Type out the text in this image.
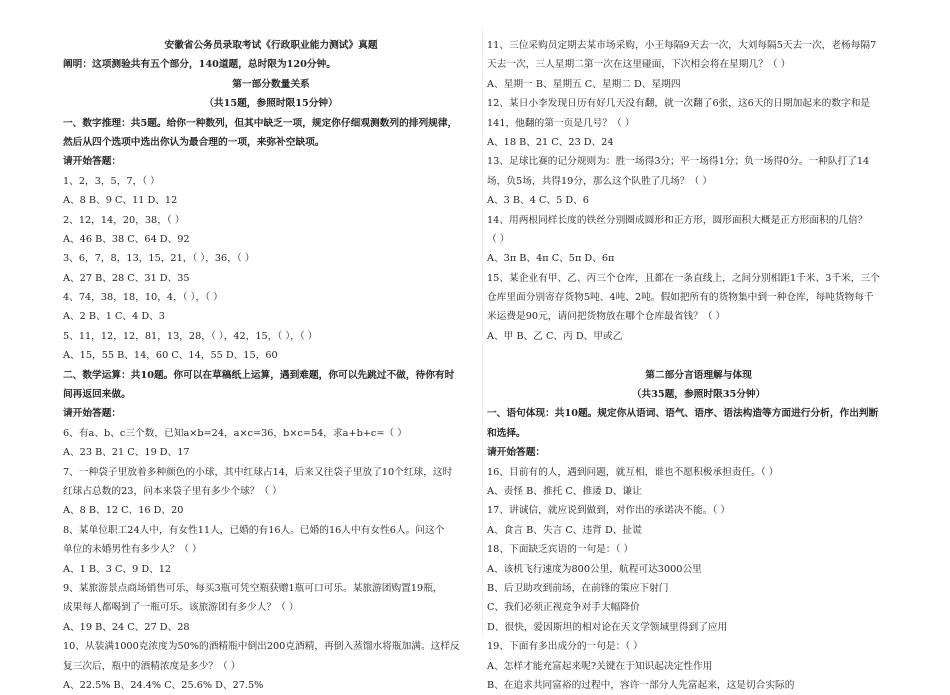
安徽省公务员录取考试《行政职业能力测试》真题
阐明：这项测验共有五个部分，140道题，总时限为120分钟。
第一部分数量关系
（共15题，参照时限15分钟）
一、数字推理：共5题。给你一种数列，但其中缺乏一项，规定你仔细观测数列的排列规律，
然后从四个选项中选出你认为最合理的一项，来弥补空缺项。
请开始答题：
1、2，3，5，7，（ ）
A、8 B、9 C、11 D、12
2、12，14，20，38，（ ）
A、46 B、38 C、64 D、92
3、6，7，8，13，15，21，（ ），36，（ ）
A、27 B、28 C、31 D、35
4、74，38，18，10，4，（ ），（ ）
A、2 B、1 C、4 D、3
5、11，12，12，81，13，28，（ ），42，15，（ ），（ ）
A、15，55 B、14，60 C、14，55 D、15，60
二、数学运算：共10题。你可以在草稿纸上运算，遇到难题，你可以先跳过不做，待你有时
间再返回来做。
请开始答题：
6、有a、b、c三个数，已知a×b=24，a×c=36，b×c=54，求a+b+c=（ ）
A、23 B、21 C、19 D、17
7、一种袋子里放着多种颜色的小球，其中红球占14，后来又往袋子里放了10个红球，这时
红球占总数的23，问本来袋子里有多少个球？（ ）
A、8 B、12 C、16 D、20
8、某单位职工24人中，有女性11人，已婚的有16人。已婚的16人中有女性6人。问这个
单位的未婚男性有多少人？（ ）
A、1 B、3 C、9 D、12
9、某旅游景点商场销售可乐，每买3瓶可凭空瓶获赠1瓶可口可乐。某旅游团购置19瓶，
成果每人都喝到了一瓶可乐。该旅游团有多少人？（ ）
A、19 B、24 C、27 D、28
10、从装满1000克浓度为50%的酒精瓶中倒出200克酒精，再倒入蒸馏水将瓶加满。这样反
复三次后，瓶中的酒精浓度是多少？（ ）
A、22.5% B、24.4% C、25.6% D、27.5%
11、三位采购员定期去某市场采购，小王每隔9天去一次，大刘每隔5天去一次，老杨每隔7
天去一次，三人星期二第一次在这里碰面，下次相会将在星期几？（ ）
A、星期一 B、星期五 C、星期二 D、星期四
12、某日小李发现日历有好几天没有翻，就一次翻了6张，这6天的日期加起来的数字和是
141，他翻的第一页是几号？（ ）
A、18 B、21 C、23 D、24
13、足球比赛的记分规则为：胜一场得3分；平一场得1分；负一场得0分。一种队打了14
场，负5场，共得19分，那么这个队胜了几场？（ ）
A、3 B、4 C、5 D、6
14、用两根同样长度的铁丝分别圈成圆形和正方形，圆形面积大概是正方形面积的几倍？
（ ）
A、3π B、4π C、5π D、6π
15、某企业有甲、乙、丙三个仓库，且都在一条直线上，之间分别相距1千米、3千米，三个
仓库里面分别寄存货物5吨、4吨、2吨。假如把所有的货物集中到一种仓库，每吨货物每千
米运费是90元，请问把货物放在哪个仓库最省钱？（ ）
A、甲 B、乙 C、丙 D、甲或乙
第二部分言语理解与体现
（共35题，参照时限35分钟）
一、语句体现：共10题。规定你从语词、语气、语序、语法构造等方面进行分析，作出判断
和选择。
请开始答题：
16、目前有的人，遇到问题，就互相，谁也不愿积极承担责任。（ ）
A、责怪 B、推托 C、推诿 D、谦让
17、讲诚信，就应说到做到，对作出的承诺决不能。（ ）
A、食言 B、失言 C、违背 D、扯谎
18、下面缺乏宾语的一句是：（ ）
A、该机飞行速度为800公里，航程可达3000公里
B、后卫助攻到前场，在前锋的策应下射门
C、我们必须正视竞争对手大幅降价
D、很快，爱因斯坦的相对论在天文学领域里得到了应用
19、下面有多出成分的一句是：（ ）
A、怎样才能充富起来呢?关键在于知识起决定性作用
B、在追求共同富裕的过程中，容许一部分人先富起来，这是切合实际的
